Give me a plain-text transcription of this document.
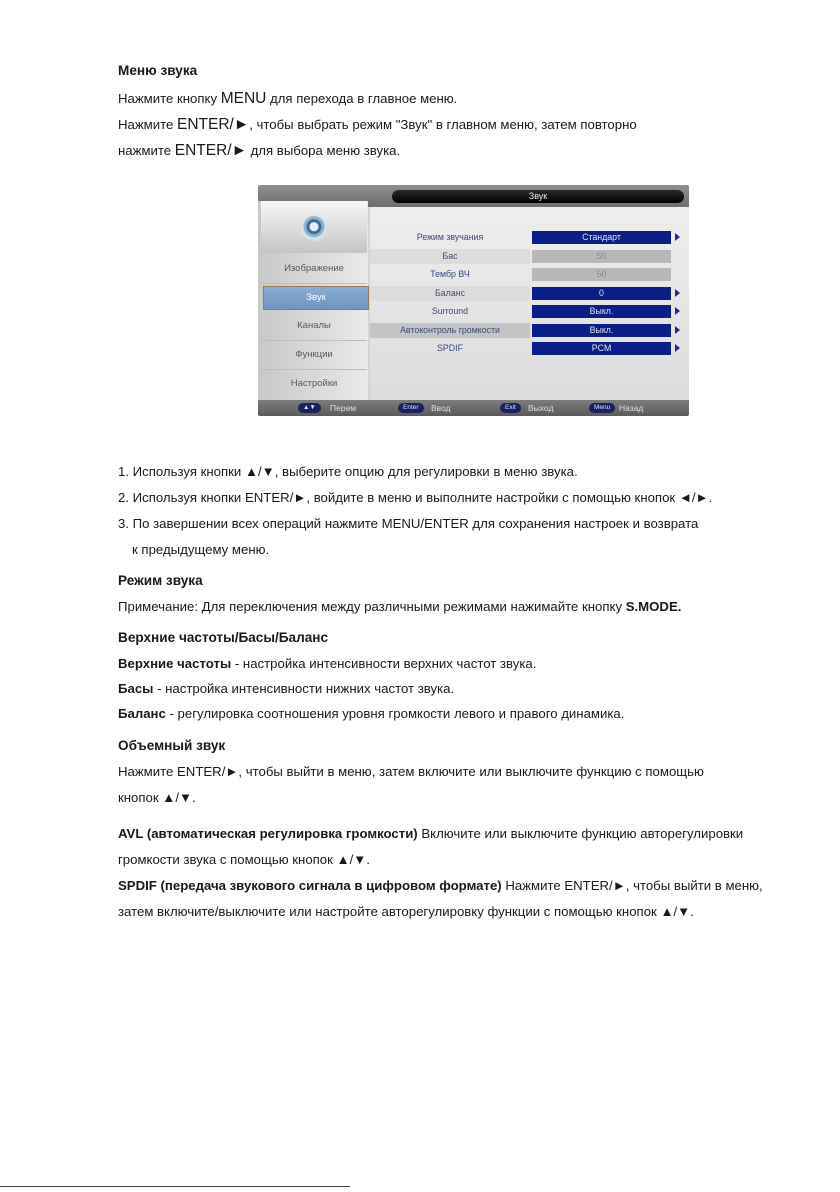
Меню звука
Нажмите кнопку MENU для перехода в главное меню.
Нажмите ENTER/►, чтобы выбрать режим "Звук" в главном меню, затем повторно
нажмите ENTER/► для выбора меню звука.
Звук
Изображение
Звук
Каналы
Функции
Настройки
Режим звучания	Стандарт
Бас	50
Тембр ВЧ	50
Баланс	0
Surround	Выкл.
Автоконтроль громкости	Выкл.
SPDIF	PCM
▲▼	Перем	Enter	Ввод	Exit	Выход	Menu	Назад
1. Используя кнопки ▲/▼, выберите опцию для регулировки в меню звука.
2. Используя кнопки ENTER/►, войдите в меню и выполните настройки с помощью кнопок ◄/►.
3. По завершении всех операций нажмите MENU/ENTER для сохранения настроек и возврата
к предыдущему меню.
Режим звука
Примечание: Для переключения между различными режимами нажимайте кнопку S.MODE.
Верхние частоты/Басы/Баланс
Верхние частоты - настройка интенсивности верхних частот звука.
Басы - настройка интенсивности нижних частот звука.
Баланс - регулировка соотношения уровня громкости левого и правого динамика.
Объемный звук
Нажмите ENTER/►, чтобы выйти в меню, затем включите или выключите функцию с помощью
кнопок ▲/▼.
AVL (автоматическая регулировка громкости) Включите или выключите функцию авторегулировки
громкости звука с помощью кнопок ▲/▼.
SPDIF (передача звукового сигнала в цифровом формате) Нажмите ENTER/►, чтобы выйти в меню,
затем включите/выключите или настройте авторегулировку функции с помощью кнопок ▲/▼.
